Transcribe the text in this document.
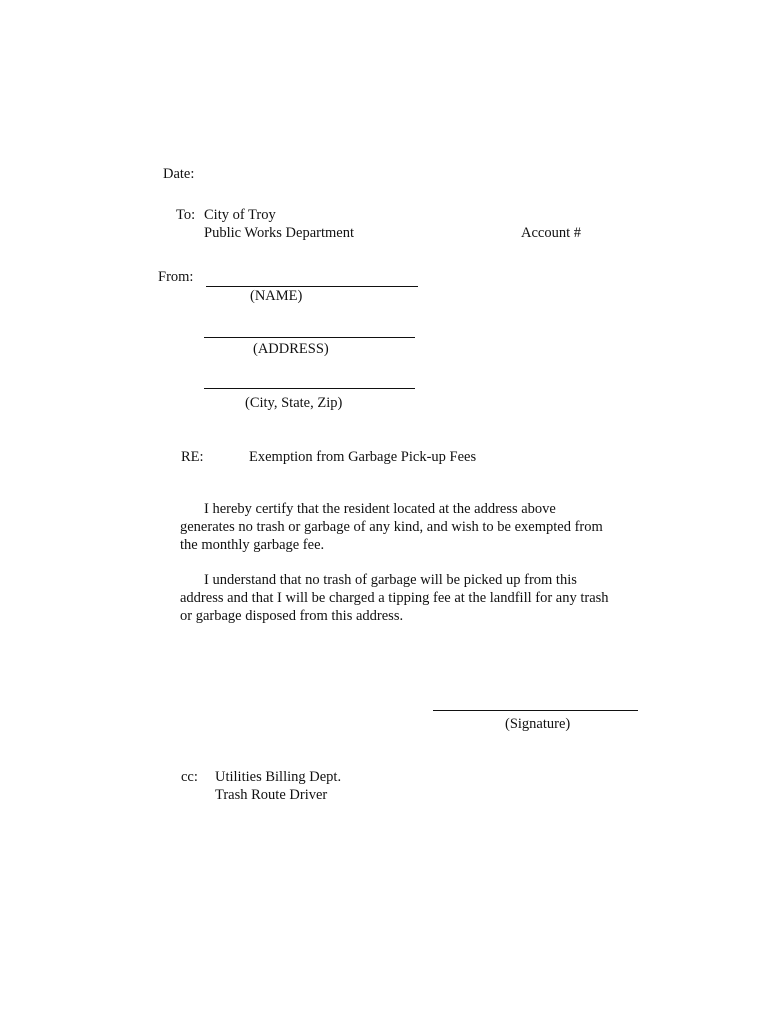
Date:
To: City of Troy
Public Works Department	Account #
From:
(NAME)
(ADDRESS)
(City, State, Zip)
RE:	Exemption from Garbage Pick-up Fees
I hereby certify that the resident located at the address above
generates no trash or garbage of any kind, and wish to be exempted from
the monthly garbage fee.
I understand that no trash of garbage will be picked up from this
address and that I will be charged a tipping fee at the landfill for any trash
or garbage disposed from this address.
(Signature)
cc: Utilities Billing Dept.
Trash Route Driver
